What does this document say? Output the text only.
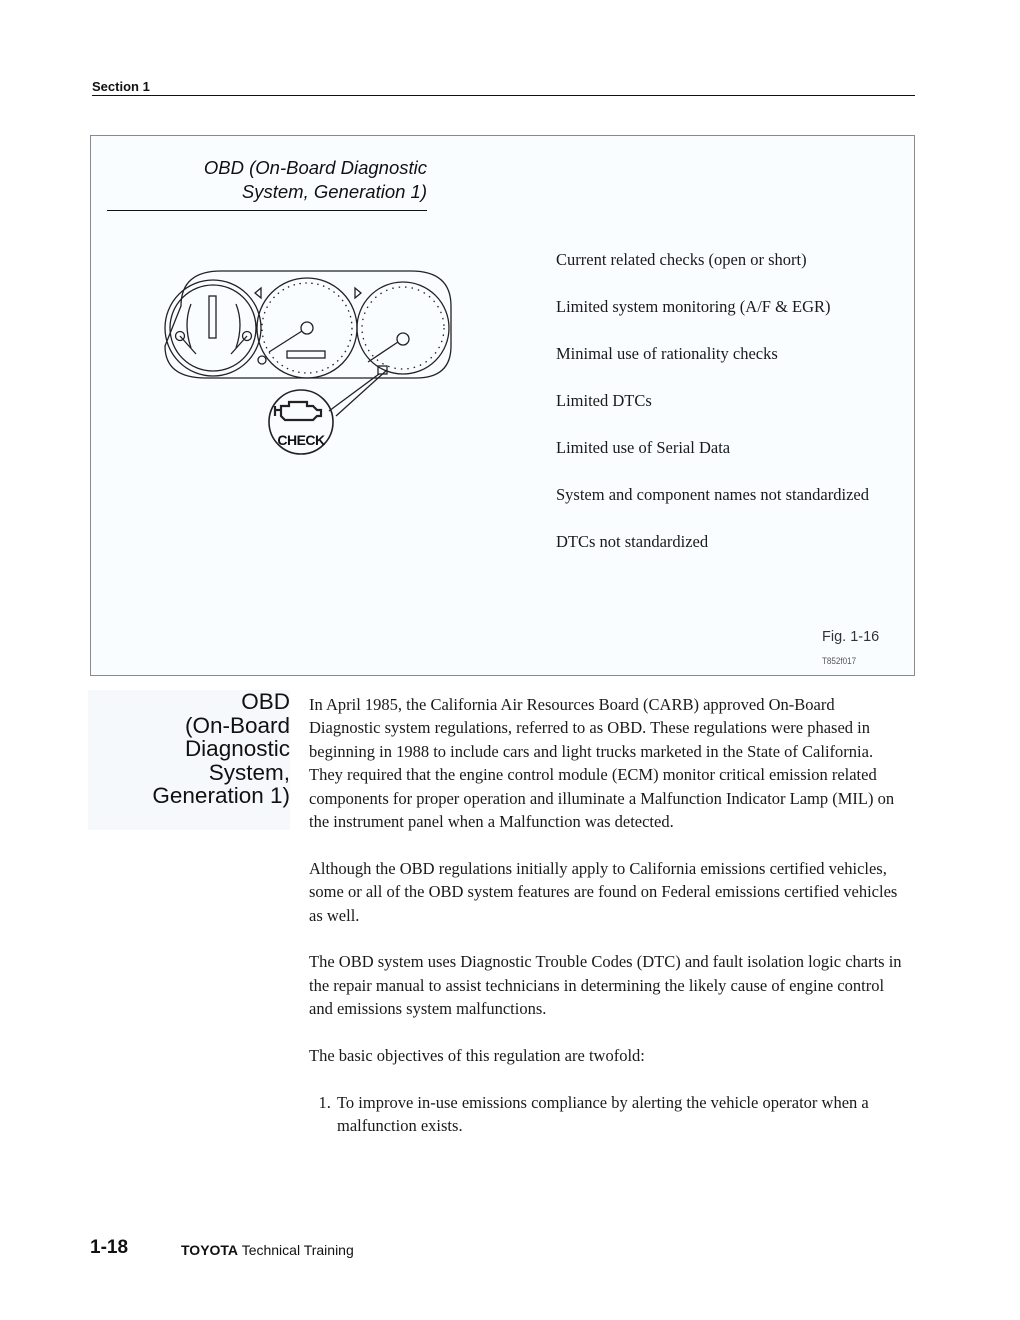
Section 1
OBD (On-Board Diagnostic
System, Generation 1)
CHECK
Current related checks (open or short)
Limited system monitoring (A/F & EGR)
Minimal use of rationality checks
Limited DTCs
Limited use of Serial Data
System and component names not standardized
DTCs not standardized
Fig. 1-16
T852f017
OBD
(On-Board
Diagnostic
System,
Generation 1)

In April 1985, the California Air Resources Board (CARB) approved On-Board Diagnostic system regulations, referred to as OBD. These regulations were phased in beginning in 1988 to include cars and light trucks marketed in the State of California. They required that the engine control module (ECM) monitor critical emission related components for proper operation and illuminate a Malfunction Indicator Lamp (MIL) on the instrument panel when a Malfunction was detected.

Although the OBD regulations initially apply to California emissions certified vehicles, some or all of the OBD system features are found on Federal emissions certified vehicles as well.

The OBD system uses Diagnostic Trouble Codes (DTC) and fault isolation logic charts in the repair manual to assist technicians in determining the likely cause of engine control and emissions system malfunctions.

The basic objectives of this regulation are twofold:

1. To improve in-use emissions compliance by alerting the vehicle operator when a malfunction exists.
1-18	TOYOTA Technical Training
